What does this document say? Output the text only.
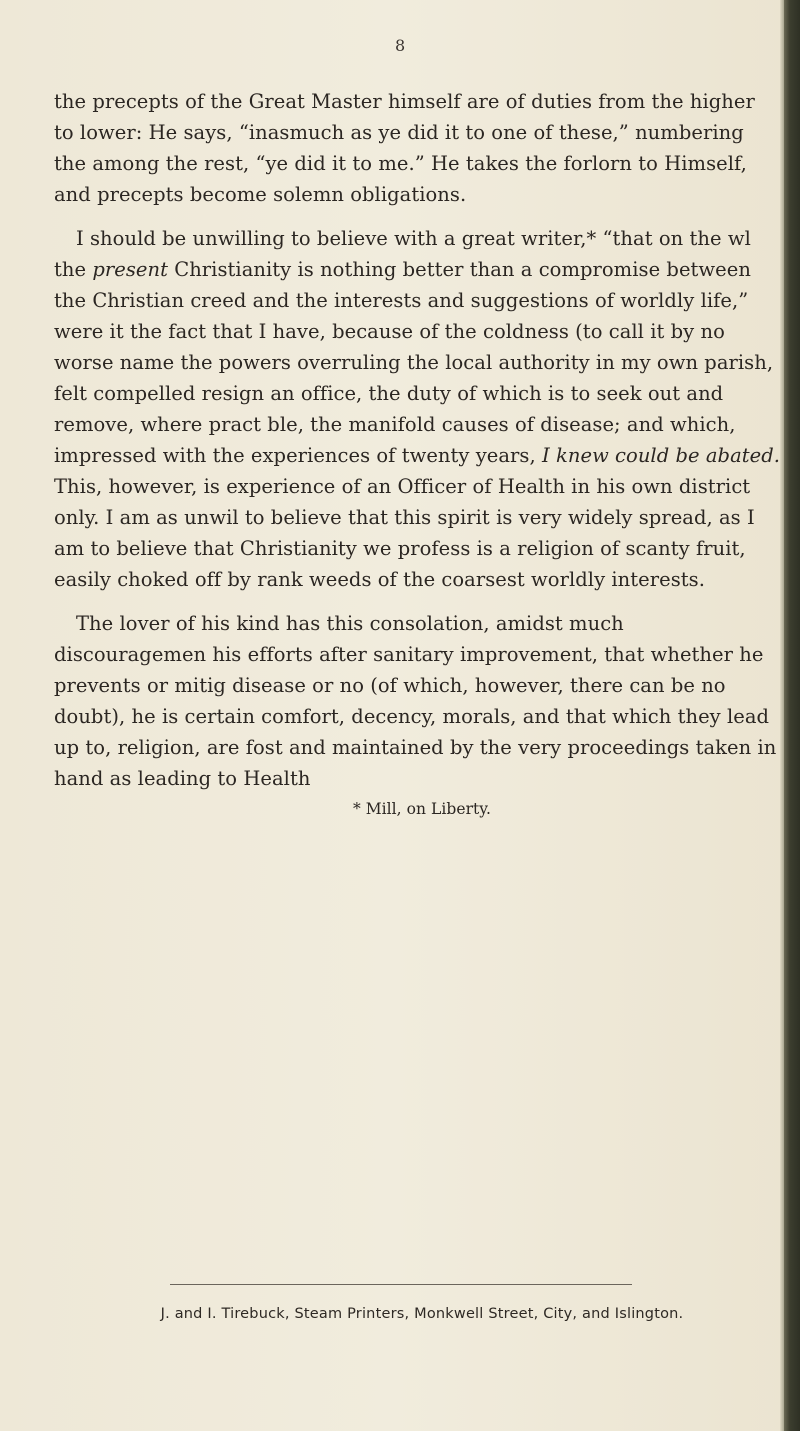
8

the precepts of the Great Master himself are of duties from the higher to lower: He says, “inasmuch as ye did it to one of these,” numbering the among the rest, “ye did it to me.” He takes the forlorn to Himself, and precepts become solemn obligations.

I should be unwilling to believe with a great writer,* “that on the wl the present Christianity is nothing better than a compromise between the Christian creed and the interests and suggestions of worldly life,” were it the fact that I have, because of the coldness (to call it by no worse name the powers overruling the local authority in my own parish, felt compelled resign an office, the duty of which is to seek out and remove, where pract ble, the manifold causes of disease; and which, impressed with the experiences of twenty years, I knew could be abated. This, however, is experience of an Officer of Health in his own district only. I am as unwil to believe that this spirit is very widely spread, as I am to believe that Christianity we profess is a religion of scanty fruit, easily choked off by rank weeds of the coarsest worldly interests.

The lover of his kind has this consolation, amidst much discouragemen his efforts after sanitary improvement, that whether he prevents or mitig disease or no (of which, however, there can be no doubt), he is certain comfort, decency, morals, and that which they lead up to, religion, are fost and maintained by the very proceedings taken in hand as leading to Health

* Mill, on Liberty.
J. and I. Tirebuck, Steam Printers, Monkwell Street, City, and Islington.
